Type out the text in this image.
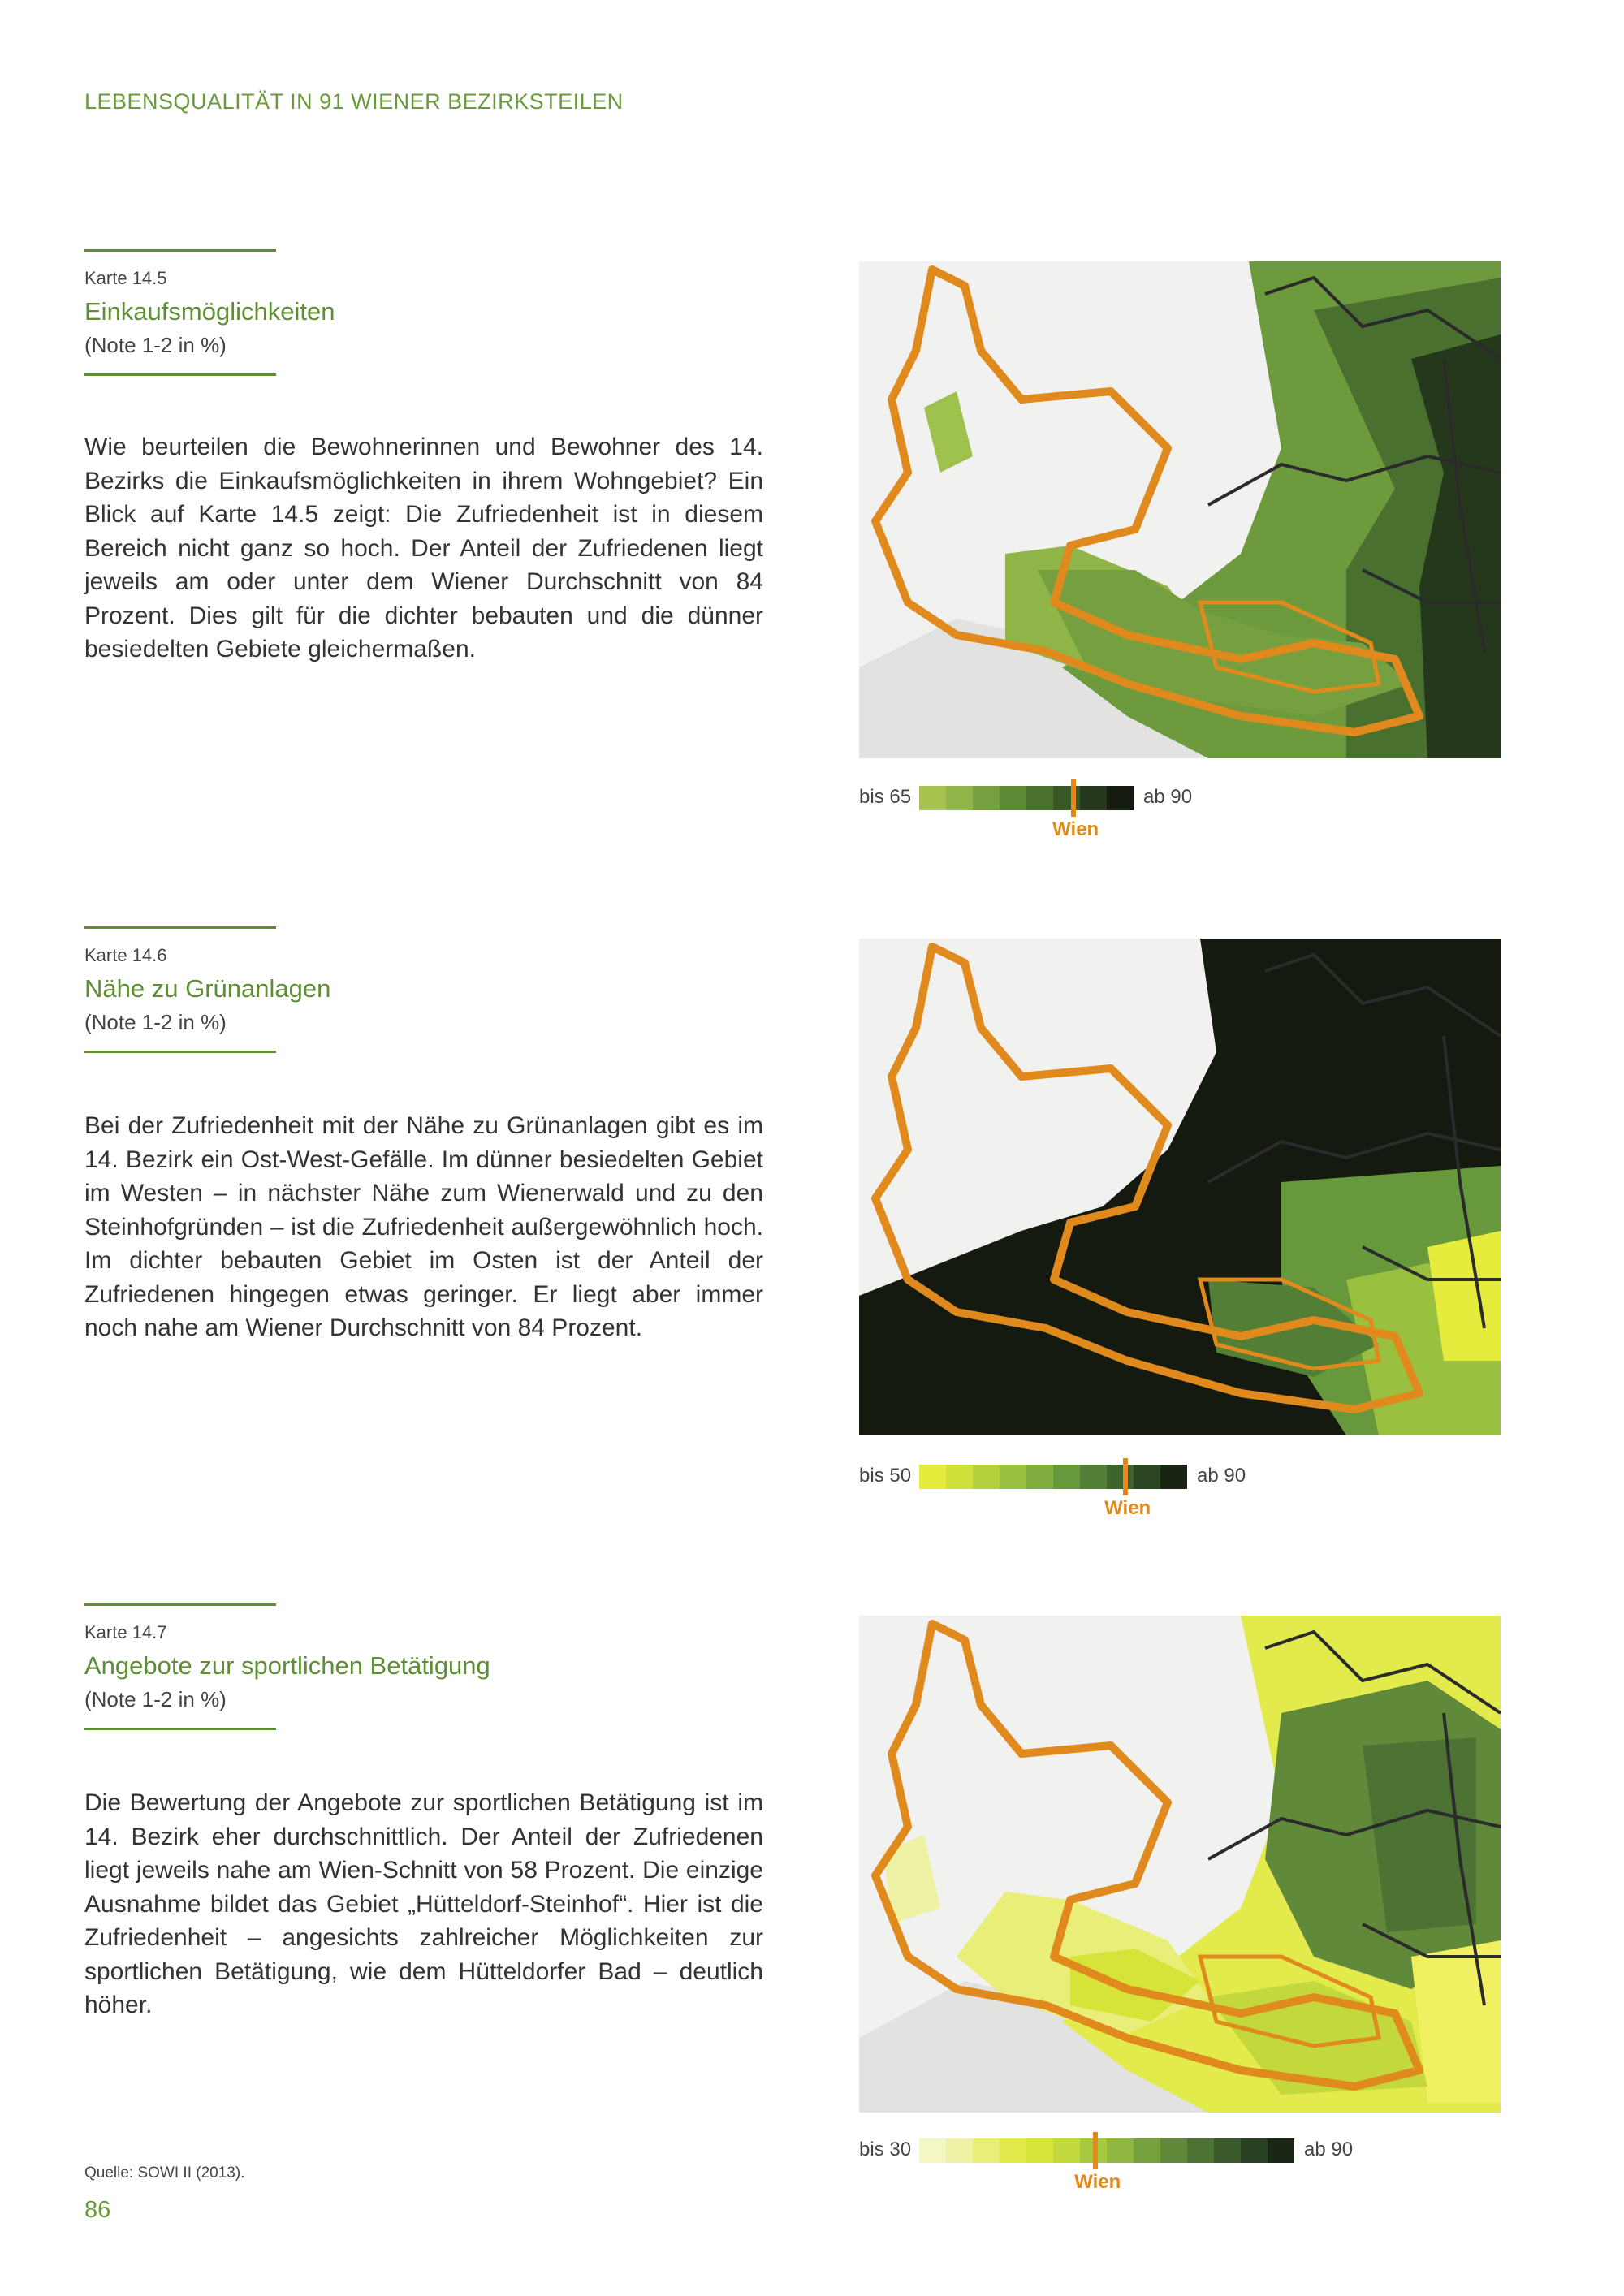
LEBENSQUALITÄT IN 91 WIENER BEZIRKSTEILEN
Karte 14.5
Einkaufsmöglichkeiten
(Note 1-2 in %)
Wie beurteilen die Bewohnerinnen und Bewohner des 14. Bezirks die Einkaufsmöglichkeiten in ihrem Wohngebiet? Ein Blick auf Karte 14.5 zeigt: Die Zufriedenheit ist in diesem Bereich nicht ganz so hoch. Der Anteil der Zufriedenen liegt jeweils am oder unter dem Wiener Durchschnitt von 84 Prozent. Dies gilt für die dichter bebauten und die dünner besiedelten Gebiete gleichermaßen.
bis 65	ab 90
Wien
Karte 14.6
Nähe zu Grünanlagen
(Note 1-2 in %)
Bei der Zufriedenheit mit der Nähe zu Grünanlagen gibt es im 14. Bezirk ein Ost-West-Gefälle. Im dünner besiedelten Gebiet im Westen – in nächster Nähe zum Wienerwald und zu den Steinhofgründen – ist die Zufriedenheit außergewöhnlich hoch. Im dichter bebauten Gebiet im Osten ist der Anteil der Zufriedenen hingegen etwas geringer. Er liegt aber immer noch nahe am Wiener Durchschnitt von 84 Prozent.
bis 50	ab 90
Wien
Karte 14.7
Angebote zur sportlichen Betätigung
(Note 1-2 in %)
Die Bewertung der Angebote zur sportlichen Betätigung ist im 14. Bezirk eher durchschnittlich. Der Anteil der Zufriedenen liegt jeweils nahe am Wien-Schnitt von 58 Prozent. Die einzige Ausnahme bildet das Gebiet „Hütteldorf-Steinhof“. Hier ist die Zufriedenheit – angesichts zahlreicher Möglichkeiten zur sportlichen Betätigung, wie dem Hütteldorfer Bad – deutlich höher.
bis 30	ab 90
Wien
Quelle: SOWI II (2013).
86
